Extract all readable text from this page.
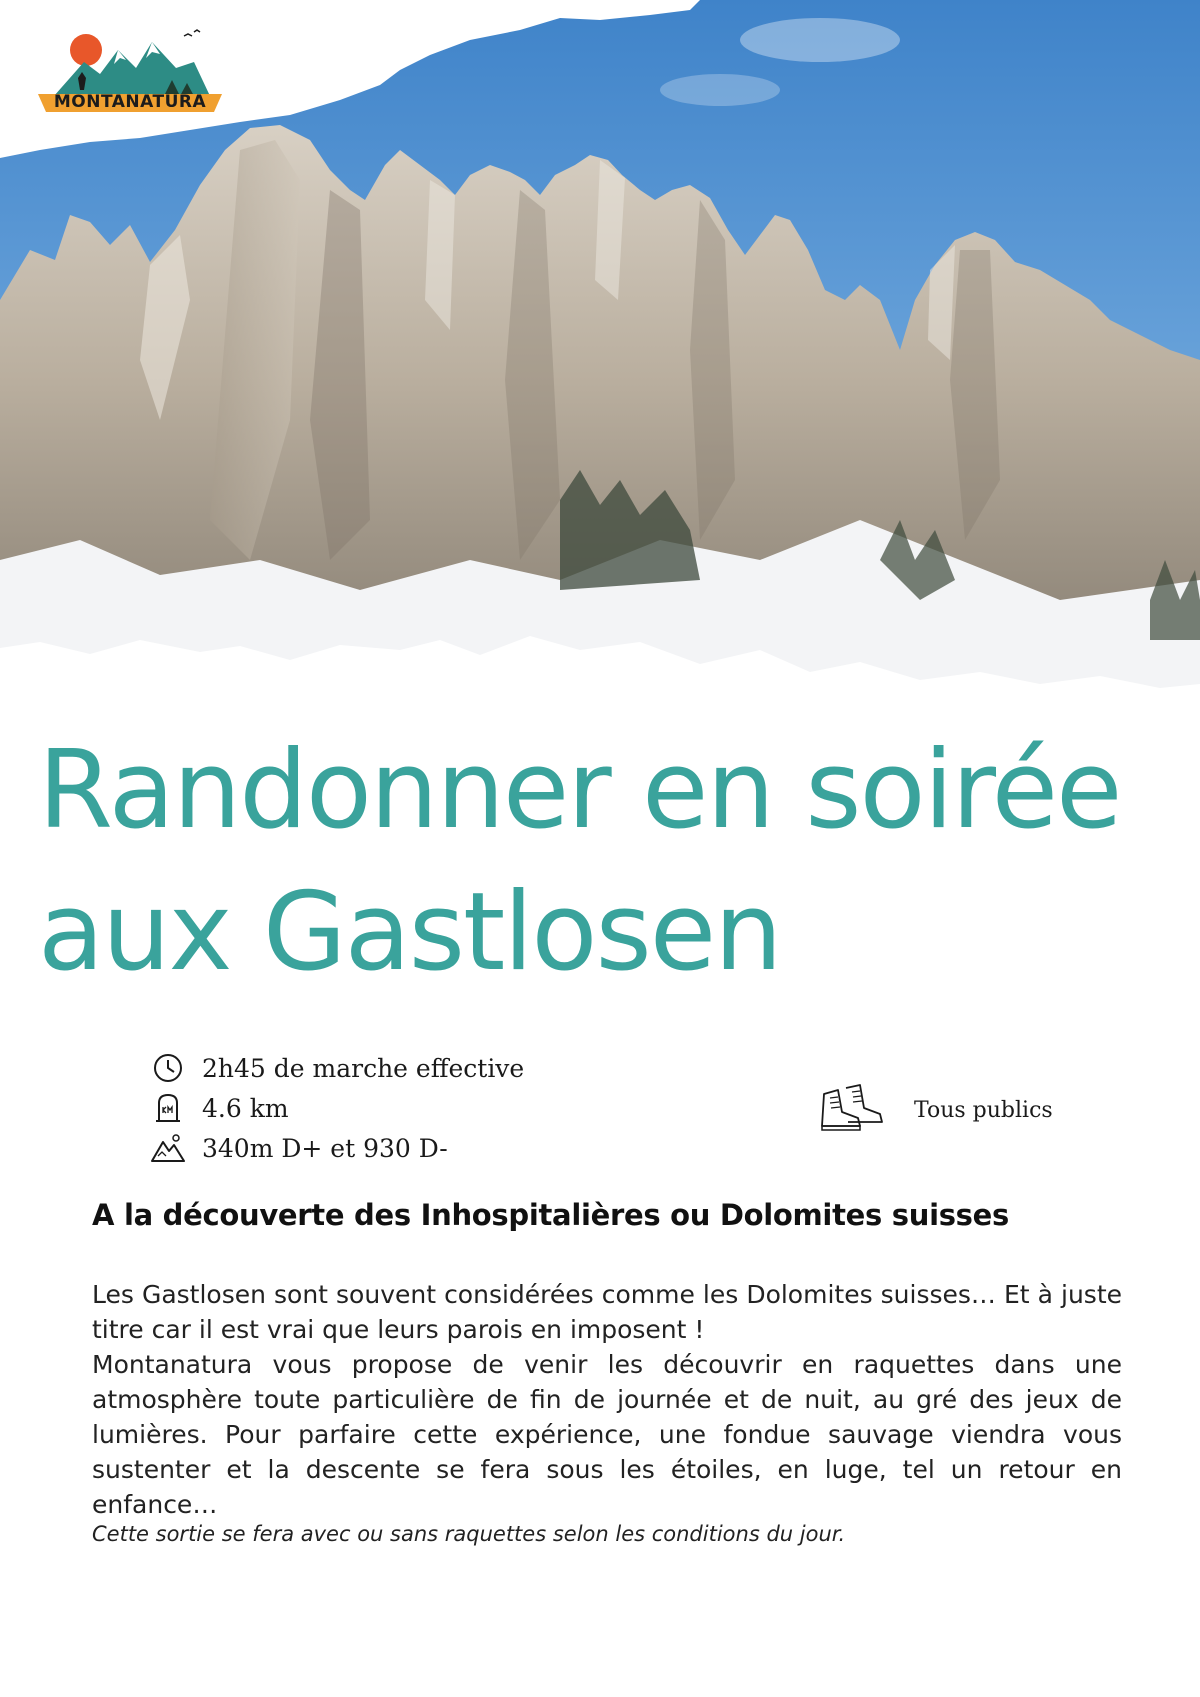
MONTANATURA
Randonner en soirée
aux Gastlosen
2h45 de marche effective
4.6 km
340m D+ et 930 D-
Tous publics
A la découverte des Inhospitalières ou Dolomites suisses

Les Gastlosen sont souvent considérées comme les Dolomites suisses… Et à juste titre car il est vrai que leurs parois en imposent !

Montanatura vous propose de venir les découvrir en raquettes dans une atmosphère toute particulière de fin de journée et de nuit, au gré des jeux de lumières. Pour parfaire cette expérience, une fondue sauvage viendra vous sustenter et la descente se fera sous les étoiles, en luge, tel un retour en enfance…

Cette sortie se fera avec ou sans raquettes selon les conditions du jour.
